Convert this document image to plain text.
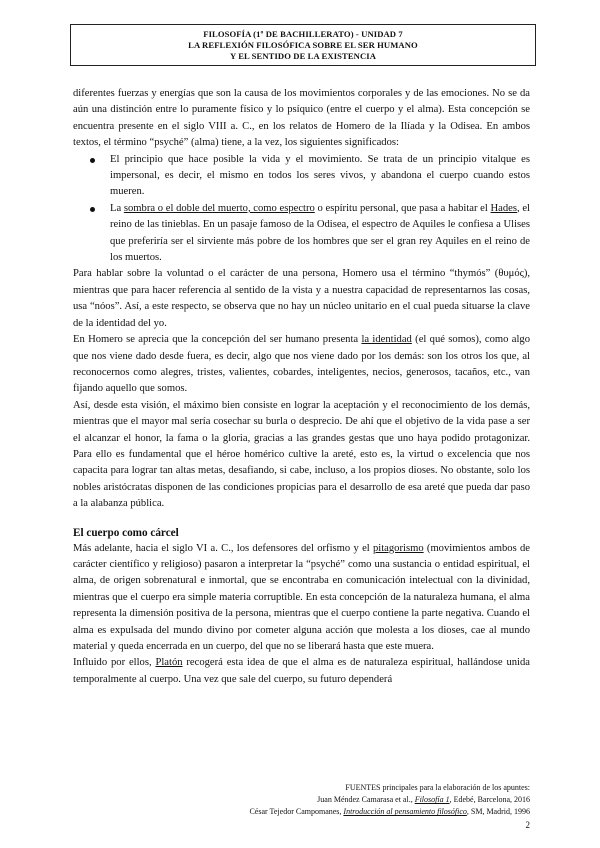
FILOSOFÍA (1º DE BACHILLERATO) - UNIDAD 7
LA REFLEXIÓN FILOSÓFICA SOBRE EL SER HUMANO
Y EL SENTIDO DE LA EXISTENCIA

diferentes fuerzas y energías que son la causa de los movimientos corporales y de las emociones. No se da aún una distinción entre lo puramente físico y lo psíquico (entre el cuerpo y el alma). Esta concepción se encuentra presente en el siglo VIII a. C., en los relatos de Homero de la Ilíada y la Odisea. En ambos textos, el término “psyché” (alma) tiene, a la vez, los siguientes significados:

El principio que hace posible la vida y el movimiento. Se trata de un principio vitalque es impersonal, es decir, el mismo en todos los seres vivos, y abandona el cuerpo cuando estos mueren.
La sombra o el doble del muerto, como espectro o espíritu personal, que pasa a habitar el Hades, el reino de las tinieblas. En un pasaje famoso de la Odisea, el espectro de Aquiles le confiesa a Ulises que preferiría ser el sirviente más pobre de los hombres que ser el gran rey Aquiles en el reino de los muertos.

Para hablar sobre la voluntad o el carácter de una persona, Homero usa el término “thymós” (θυμός), mientras que para hacer referencia al sentido de la vista y a nuestra capacidad de representarnos las cosas, usa “nóos”. Así, a este respecto, se observa que no hay un núcleo unitario en el cual pueda situarse la clave de la identidad del yo.

En Homero se aprecia que la concepción del ser humano presenta la identidad (el qué somos), como algo que nos viene dado desde fuera, es decir, algo que nos viene dado por los demás: son los otros los que, al reconocernos como alegres, tristes, valientes, cobardes, inteligentes, necios, generosos, tacaños, etc., van fijando aquello que somos.

Así, desde esta visión, el máximo bien consiste en lograr la aceptación y el reconocimiento de los demás, mientras que el mayor mal sería cosechar su burla o desprecio. De ahí que el objetivo de la vida pase a ser el alcanzar el honor, la fama o la gloria, gracias a las grandes gestas que uno haya podido protagonizar. Para ello es fundamental que el héroe homérico cultive la areté, esto es, la virtud o excelencia que nos capacita para lograr tan altas metas, desafiando, si cabe, incluso, a los propios dioses. No obstante, solo los nobles aristócratas disponen de las condiciones propicias para el desarrollo de esa areté que pueda dar paso a la alabanza pública.

El cuerpo como cárcel

Más adelante, hacia el siglo VI a. C., los defensores del orfismo y el pitagorismo (movimientos ambos de carácter científico y religioso) pasaron a interpretar la “psyché” como una sustancia o entidad espiritual, el alma, de origen sobrenatural e inmortal, que se encontraba en comunicación intelectual con la divinidad, mientras que el cuerpo era simple materia corruptible. En esta concepción de la naturaleza humana, el alma representa la dimensión positiva de la persona, mientras que el cuerpo contiene la parte negativa. Cuando el alma es expulsada del mundo divino por cometer alguna acción que molesta a los dioses, cae al mundo material y queda encerrada en un cuerpo, del que no se liberará hasta que este muera.

Influido por ellos, Platón recogerá esta idea de que el alma es de naturaleza espiritual, hallándose unida temporalmente al cuerpo. Una vez que sale del cuerpo, su futuro dependerá

FUENTES principales para la elaboración de los apuntes:
Juan Méndez Camarasa et al., Filosofía 1, Edebé, Barcelona, 2016
César Tejedor Campomanes, Introducción al pensamiento filosófico, SM, Madrid, 1996
2
